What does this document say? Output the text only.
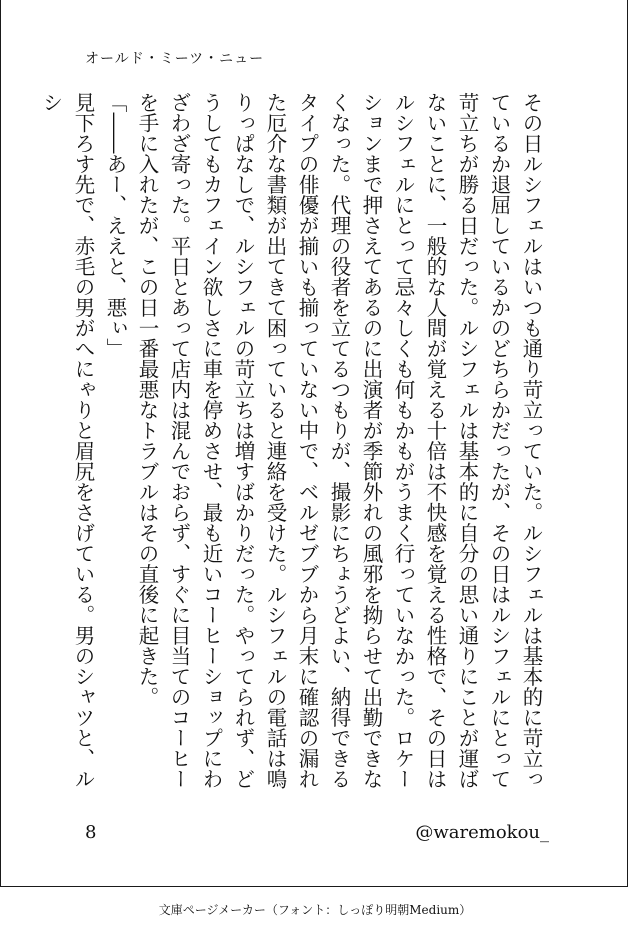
オールド・ミーツ・ニュー

その日ルシフェルはいつも通り苛立っていた。ルシフェルは基本的に苛立っているか退屈しているかのどちらかだったが、その日はルシフェルにとって苛立ちが勝る日だった。ルシフェルは基本的に自分の思い通りにことが運ばないことに、一般的な人間が覚える十倍は不快感を覚える性格で、その日はルシフェルにとって忌々しくも何もかもがうまく行っていなかった。ロケーションまで押さえてあるのに出演者が季節外れの風邪を拗らせて出勤できなくなった。代理の役者を立てるつもりが、撮影にちょうどよい、納得できるタイプの俳優が揃いも揃っていない中で、ベルゼブブから月末に確認の漏れた厄介な書類が出てきて困っていると連絡を受けた。ルシフェルの電話は鳴りっぱなしで、ルシフェルの苛立ちは増すばかりだった。やってられず、どうしてもカフェイン欲しさに車を停めさせ、最も近いコーヒーショップにわざわざ寄った。平日とあって店内は混んでおらず、すぐに目当てのコーヒーを手に入れたが、この日一番最悪なトラブルはその直後に起きた。

「――あー、ええと、悪ぃ」

見下ろす先で、赤毛の男がへにゃりと眉尻をさげている。男のシャツと、ルシ

8	@waremokou_
文庫ページメーカー（フォント：しっぽり明朝Medium）
